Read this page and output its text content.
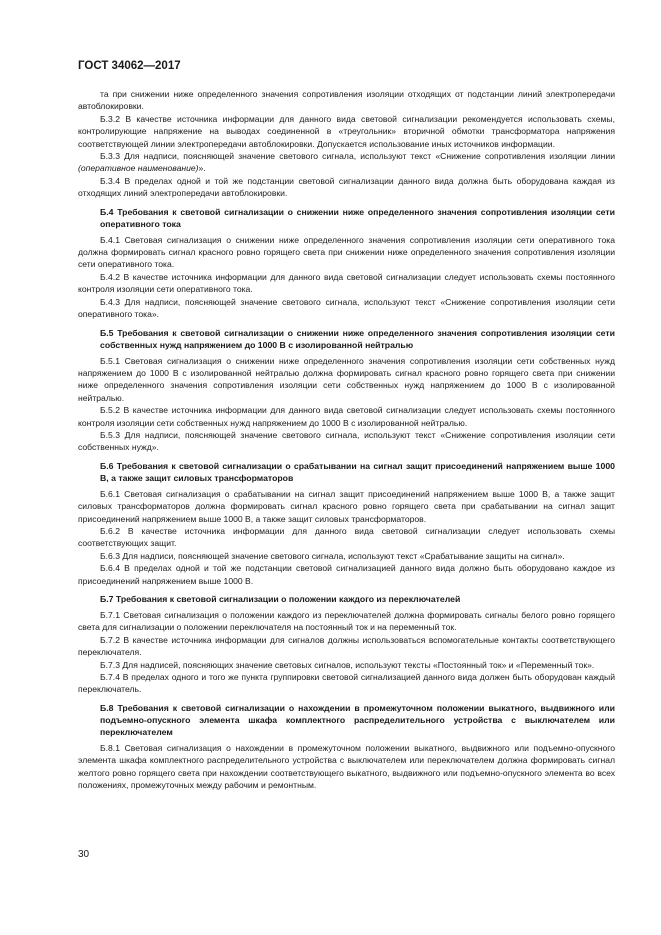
ГОСТ 34062—2017

та при снижении ниже определенного значения сопротивления изоляции отходящих от подстанции линий электропередачи автоблокировки.

Б.3.2 В качестве источника информации для данного вида световой сигнализации рекомендуется использовать схемы, контролирующие напряжение на выводах соединенной в «треугольник» вторичной обмотки трансформатора напряжения соответствующей линии электропередачи автоблокировки. Допускается использование иных источников информации.

Б.3.3 Для надписи, поясняющей значение светового сигнала, используют текст «Снижение сопротивления изоляции линии (оперативное наименование)».

Б.3.4 В пределах одной и той же подстанции световой сигнализации данного вида должна быть оборудована каждая из отходящих линий электропередачи автоблокировки.

Б.4 Требования к световой сигнализации о снижении ниже определенного значения сопротивления изоляции сети оперативного тока

Б.4.1 Световая сигнализация о снижении ниже определенного значения сопротивления изоляции сети оперативного тока должна формировать сигнал красного ровно горящего света при снижении ниже определенного значения сопротивления изоляции сети оперативного тока.

Б.4.2 В качестве источника информации для данного вида световой сигнализации следует использовать схемы постоянного контроля изоляции сети оперативного тока.

Б.4.3 Для надписи, поясняющей значение светового сигнала, используют текст «Снижение сопротивления изоляции сети оперативного тока».

Б.5 Требования к световой сигнализации о снижении ниже определенного значения сопротивления изоляции сети собственных нужд напряжением до 1000 В с изолированной нейтралью

Б.5.1 Световая сигнализация о снижении ниже определенного значения сопротивления изоляции сети собственных нужд напряжением до 1000 В с изолированной нейтралью должна формировать сигнал красного ровно горящего света при снижении ниже определенного значения сопротивления изоляции сети собственных нужд напряжением до 1000 В с изолированной нейтралью.

Б.5.2 В качестве источника информации для данного вида световой сигнализации следует использовать схемы постоянного контроля изоляции сети собственных нужд напряжением до 1000 В с изолированной нейтралью.

Б.5.3 Для надписи, поясняющей значение светового сигнала, используют текст «Снижение сопротивления изоляции сети собственных нужд».

Б.6 Требования к световой сигнализации о срабатывании на сигнал защит присоединений напряжением выше 1000 В, а также защит силовых трансформаторов

Б.6.1 Световая сигнализация о срабатывании на сигнал защит присоединений напряжением выше 1000 В, а также защит силовых трансформаторов должна формировать сигнал красного ровно горящего света при срабатывании на сигнал защит присоединений напряжением выше 1000 В, а также защит силовых трансформаторов.

Б.6.2 В качестве источника информации для данного вида световой сигнализации следует использовать схемы соответствующих защит.

Б.6.3 Для надписи, поясняющей значение светового сигнала, используют текст «Срабатывание защиты на сигнал».

Б.6.4 В пределах одной и той же подстанции световой сигнализацией данного вида должно быть оборудовано каждое из присоединений напряжением выше 1000 В.

Б.7 Требования к световой сигнализации о положении каждого из переключателей

Б.7.1 Световая сигнализация о положении каждого из переключателей должна формировать сигналы белого ровно горящего света для сигнализации о положении переключателя на постоянный ток и на переменный ток.

Б.7.2 В качестве источника информации для сигналов должны использоваться вспомогательные контакты соответствующего переключателя.

Б.7.3 Для надписей, поясняющих значение световых сигналов, используют тексты «Постоянный ток» и «Переменный ток».

Б.7.4 В пределах одного и того же пункта группировки световой сигнализацией данного вида должен быть оборудован каждый переключатель.

Б.8 Требования к световой сигнализации о нахождении в промежуточном положении выкатного, выдвижного или подъемно-опускного элемента шкафа комплектного распределительного устройства с выключателем или переключателем

Б.8.1 Световая сигнализация о нахождении в промежуточном положении выкатного, выдвижного или подъемно-опускного элемента шкафа комплектного распределительного устройства с выключателем или переключателем должна формировать сигнал желтого ровно горящего света при нахождении соответствующего выкатного, выдвижного или подъемно-опускного элемента во всех положениях, промежуточных между рабочим и ремонтным.

30
